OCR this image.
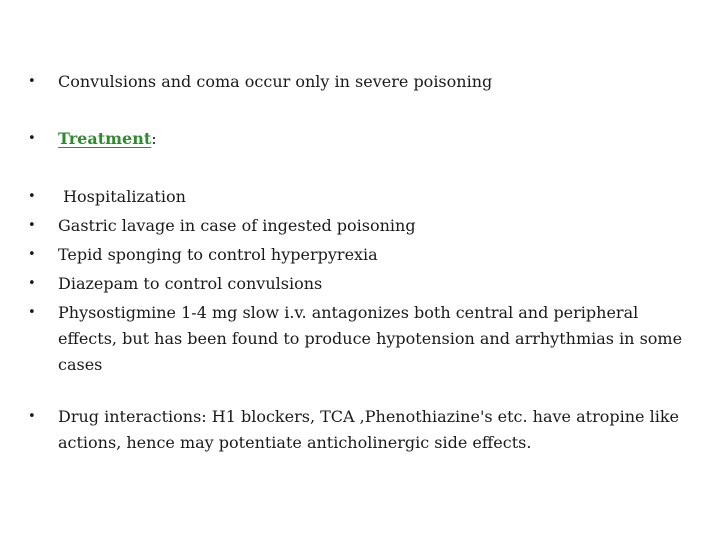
•	Convulsions and coma occur only in severe poisoning
•	Treatment:
•	Hospitalization
•	Gastric lavage in case of ingested poisoning
•	Tepid sponging to control hyperpyrexia
•	Diazepam to control convulsions
•	Physostigmine 1-4 mg slow i.v. antagonizes both central and peripheral effects, but has been found to produce hypotension and arrhythmias in some cases
•	Drug interactions: H1 blockers, TCA ,Phenothiazine's etc. have atropine like actions, hence may potentiate anticholinergic side effects.
